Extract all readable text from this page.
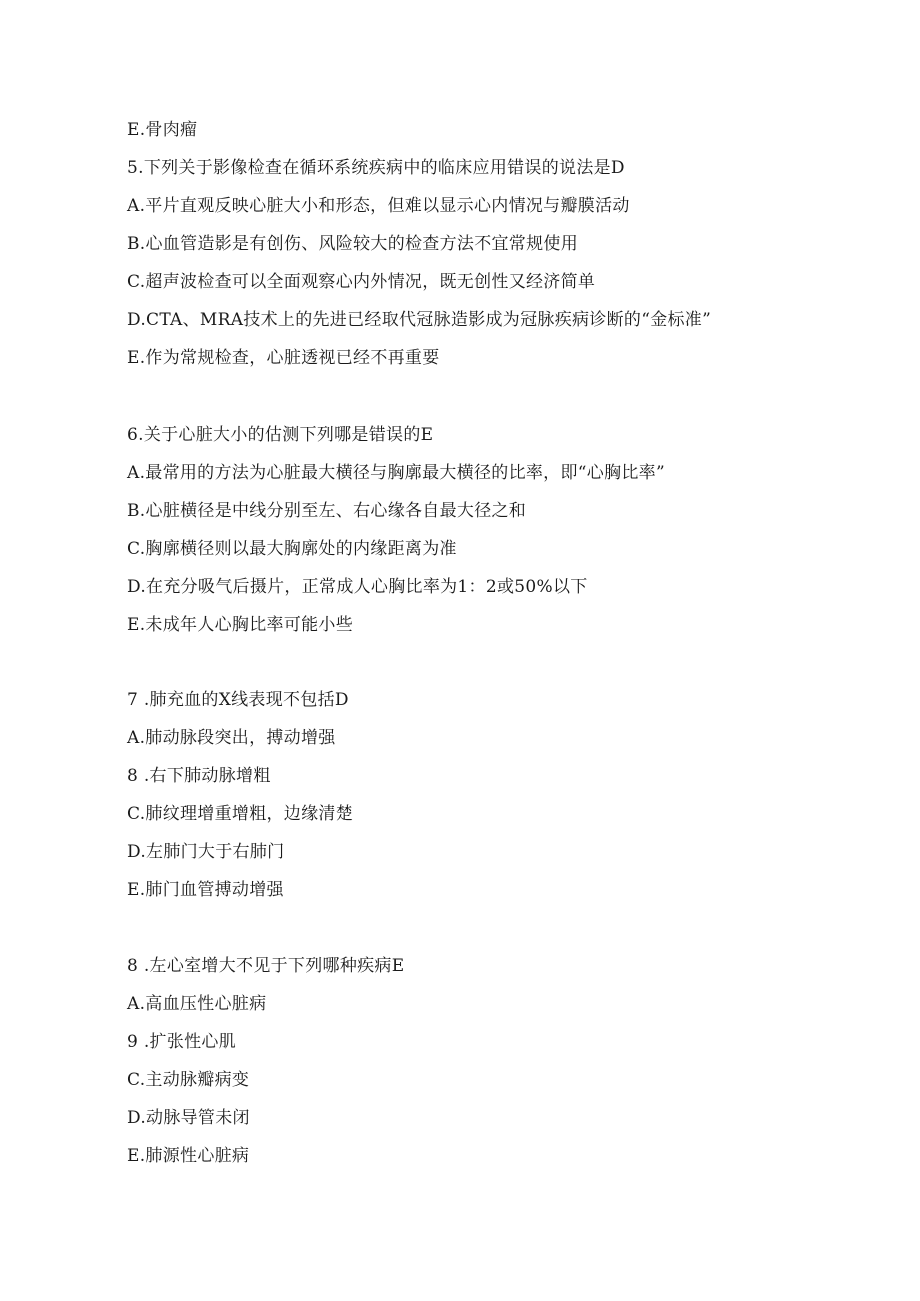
E.骨肉瘤
5.下列关于影像检查在循环系统疾病中的临床应用错误的说法是D
A.平片直观反映心脏大小和形态，但难以显示心内情况与瓣膜活动
B.心血管造影是有创伤、风险较大的检查方法不宜常规使用
C.超声波检查可以全面观察心内外情况，既无创性又经济简单
D.CTA、MRA技术上的先进已经取代冠脉造影成为冠脉疾病诊断的“金标准”
E.作为常规检查，心脏透视已经不再重要
6.关于心脏大小的估测下列哪是错误的E
A.最常用的方法为心脏最大横径与胸廓最大横径的比率，即“心胸比率”
B.心脏横径是中线分别至左、右心缘各自最大径之和
C.胸廓横径则以最大胸廓处的内缘距离为准
D.在充分吸气后摄片，正常成人心胸比率为1：2或50%以下
E.未成年人心胸比率可能小些
7 .肺充血的X线表现不包括D
A.肺动脉段突出，搏动增强
8 .右下肺动脉增粗
C.肺纹理增重增粗，边缘清楚
D.左肺门大于右肺门
E.肺门血管搏动增强
8 .左心室增大不见于下列哪种疾病E
A.高血压性心脏病
9 .扩张性心肌
C.主动脉瓣病变
D.动脉导管未闭
E.肺源性心脏病
